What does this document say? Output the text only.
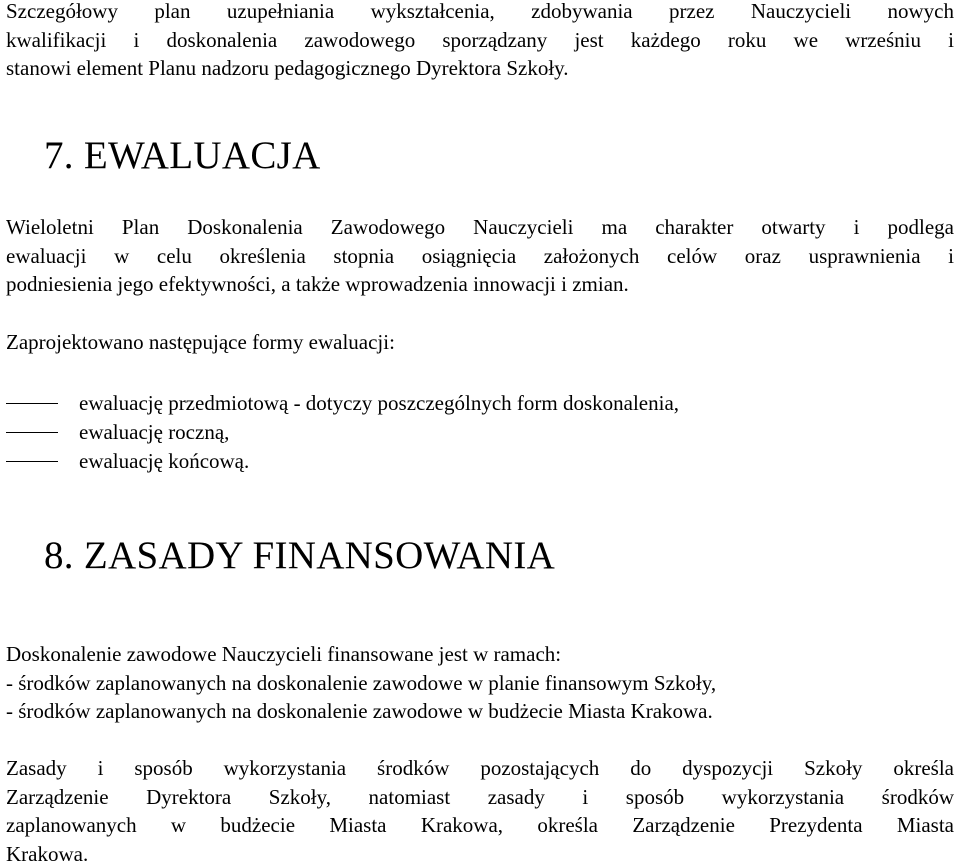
Szczegółowy plan uzupełniania wykształcenia, zdobywania przez Nauczycieli nowych
kwalifikacji i doskonalenia zawodowego sporządzany jest każdego roku we wrześniu i
stanowi element Planu nadzoru pedagogicznego Dyrektora Szkoły.
7. EWALUACJA
Wieloletni Plan Doskonalenia Zawodowego Nauczycieli ma charakter otwarty i podlega
ewaluacji w celu określenia stopnia osiągnięcia założonych celów oraz usprawnienia i
podniesienia jego efektywności, a także wprowadzenia innowacji i zmian.
Zaprojektowano następujące formy ewaluacji:
ewaluację przedmiotową - dotyczy poszczególnych form doskonalenia,
ewaluację roczną,
ewaluację końcową.
8. ZASADY FINANSOWANIA
Doskonalenie zawodowe Nauczycieli finansowane jest w ramach:
- środków zaplanowanych na doskonalenie zawodowe w planie finansowym Szkoły,
- środków zaplanowanych na doskonalenie zawodowe w budżecie Miasta Krakowa.
Zasady i sposób wykorzystania środków pozostających do dyspozycji Szkoły określa
Zarządzenie Dyrektora Szkoły, natomiast zasady i sposób wykorzystania środków
zaplanowanych w budżecie Miasta Krakowa, określa Zarządzenie Prezydenta Miasta
Krakowa.
